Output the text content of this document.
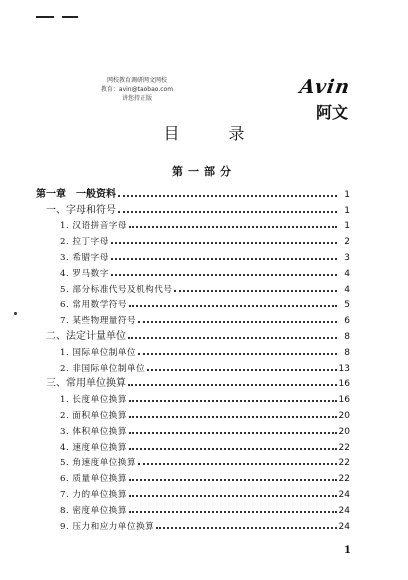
网校教育调研网文网校
教育：avin@taobao.com
讲您持正版
Avin
阿文
目 录
第一部分
第一章　一般资料	1
一、字母和符号	1
1. 汉语拼音字母	1
2. 拉丁字母	2
3. 希腊字母	3
4. 罗马数字	4
5. 部分标准代号及机构代号	4
6. 常用数学符号	5
7. 某些物理量符号	6
二、法定计量单位	8
1. 国际单位制单位	8
2. 非国际单位制单位	13
三、常用单位换算	16
1. 长度单位换算	16
2. 面积单位换算	20
3. 体积单位换算	20
4. 速度单位换算	22
5. 角速度单位换算	22
6. 质量单位换算	22
7. 力的单位换算	24
8. 密度单位换算	24
9. 压力和应力单位换算	24
1
